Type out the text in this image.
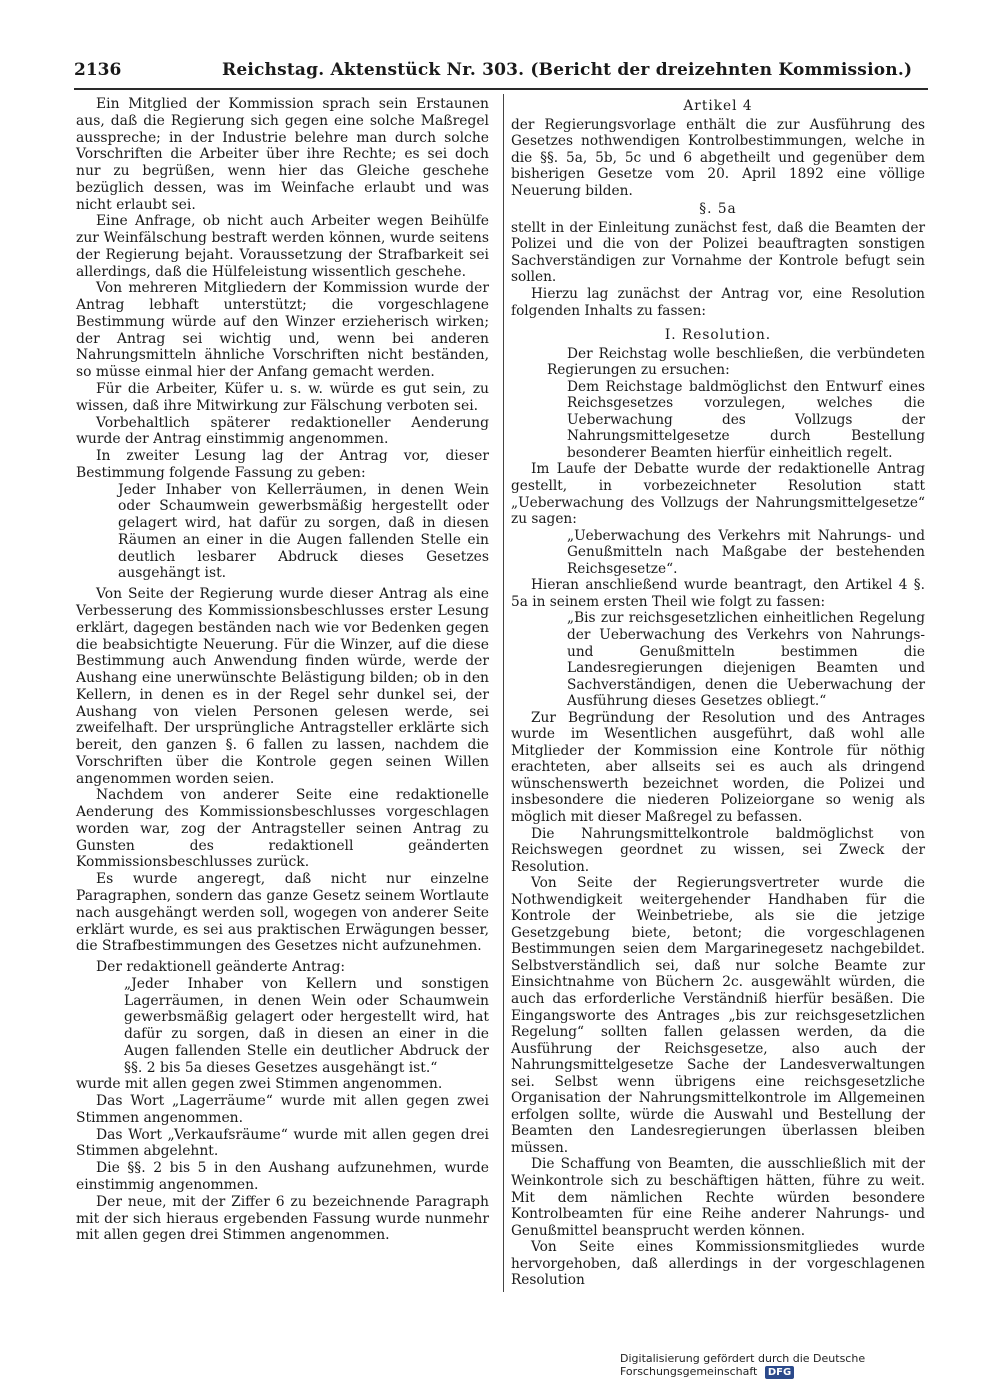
2136	Reichstag. Aktenstück Nr. 303. (Bericht der dreizehnten Kommission.)

Ein Mitglied der Kommission sprach sein Erstaunen aus, daß die Regierung sich gegen eine solche Maßregel ausspreche; in der Industrie belehre man durch solche Vorschriften die Arbeiter über ihre Rechte; es sei doch nur zu begrüßen, wenn hier das Gleiche geschehe bezüglich dessen, was im Weinfache erlaubt und was nicht erlaubt sei.

Eine Anfrage, ob nicht auch Arbeiter wegen Beihülfe zur Weinfälschung bestraft werden können, wurde seitens der Regierung bejaht. Voraussetzung der Strafbarkeit sei allerdings, daß die Hülfeleistung wissentlich geschehe.

Von mehreren Mitgliedern der Kommission wurde der Antrag lebhaft unterstützt; die vorgeschlagene Bestimmung würde auf den Winzer erzieherisch wirken; der Antrag sei wichtig und, wenn bei anderen Nahrungsmitteln ähnliche Vorschriften nicht beständen, so müsse einmal hier der Anfang gemacht werden.

Für die Arbeiter, Küfer u. s. w. würde es gut sein, zu wissen, daß ihre Mitwirkung zur Fälschung verboten sei.

Vorbehaltlich späterer redaktioneller Aenderung wurde der Antrag einstimmig angenommen.

In zweiter Lesung lag der Antrag vor, dieser Bestimmung folgende Fassung zu geben:

Jeder Inhaber von Kellerräumen, in denen Wein oder Schaumwein gewerbsmäßig hergestellt oder gelagert wird, hat dafür zu sorgen, daß in diesen Räumen an einer in die Augen fallenden Stelle ein deutlich lesbarer Abdruck dieses Gesetzes ausgehängt ist.

Von Seite der Regierung wurde dieser Antrag als eine Verbesserung des Kommissionsbeschlusses erster Lesung erklärt, dagegen beständen nach wie vor Bedenken gegen die beabsichtigte Neuerung. Für die Winzer, auf die diese Bestimmung auch Anwendung finden würde, werde der Aushang eine unerwünschte Belästigung bilden; ob in den Kellern, in denen es in der Regel sehr dunkel sei, der Aushang von vielen Personen gelesen werde, sei zweifelhaft. Der ursprüngliche Antragsteller erklärte sich bereit, den ganzen §. 6 fallen zu lassen, nachdem die Vorschriften über die Kontrole gegen seinen Willen angenommen worden seien.

Nachdem von anderer Seite eine redaktionelle Aenderung des Kommissionsbeschlusses vorgeschlagen worden war, zog der Antragsteller seinen Antrag zu Gunsten des redaktionell geänderten Kommissionsbeschlusses zurück.

Es wurde angeregt, daß nicht nur einzelne Paragraphen, sondern das ganze Gesetz seinem Wortlaute nach ausgehängt werden soll, wogegen von anderer Seite erklärt wurde, es sei aus praktischen Erwägungen besser, die Strafbestimmungen des Gesetzes nicht aufzunehmen.

Der redaktionell geänderte Antrag:

„Jeder Inhaber von Kellern und sonstigen Lagerräumen, in denen Wein oder Schaumwein gewerbsmäßig gelagert oder hergestellt wird, hat dafür zu sorgen, daß in diesen an einer in die Augen fallenden Stelle ein deutlicher Abdruck der §§. 2 bis 5a dieses Gesetzes ausgehängt ist.“

wurde mit allen gegen zwei Stimmen angenommen.

Das Wort „Lagerräume“ wurde mit allen gegen zwei Stimmen angenommen.

Das Wort „Verkaufsräume“ wurde mit allen gegen drei Stimmen abgelehnt.

Die §§. 2 bis 5 in den Aushang aufzunehmen, wurde einstimmig angenommen.

Der neue, mit der Ziffer 6 zu bezeichnende Paragraph mit der sich hieraus ergebenden Fassung wurde nunmehr mit allen gegen drei Stimmen angenommen.

Artikel 4

der Regierungsvorlage enthält die zur Ausführung des Gesetzes nothwendigen Kontrolbestimmungen, welche in die §§. 5a, 5b, 5c und 6 abgetheilt und gegenüber dem bisherigen Gesetze vom 20. April 1892 eine völlige Neuerung bilden.

§. 5a

stellt in der Einleitung zunächst fest, daß die Beamten der Polizei und die von der Polizei beauftragten sonstigen Sachverständigen zur Vornahme der Kontrole befugt sein sollen.

Hierzu lag zunächst der Antrag vor, eine Resolution folgenden Inhalts zu fassen:

I. Resolution.

Der Reichstag wolle beschließen, die verbündeten Regierungen zu ersuchen:

Dem Reichstage baldmöglichst den Entwurf eines Reichsgesetzes vorzulegen, welches die Ueberwachung des Vollzugs der Nahrungsmittelgesetze durch Bestellung besonderer Beamten hierfür einheitlich regelt.

Im Laufe der Debatte wurde der redaktionelle Antrag gestellt, in vorbezeichneter Resolution statt „Ueberwachung des Vollzugs der Nahrungsmittelgesetze“ zu sagen:

„Ueberwachung des Verkehrs mit Nahrungs- und Genußmitteln nach Maßgabe der bestehenden Reichsgesetze“.

Hieran anschließend wurde beantragt, den Artikel 4 §. 5a in seinem ersten Theil wie folgt zu fassen:

„Bis zur reichsgesetzlichen einheitlichen Regelung der Ueberwachung des Verkehrs von Nahrungs- und Genußmitteln bestimmen die Landesregierungen diejenigen Beamten und Sachverständigen, denen die Ueberwachung der Ausführung dieses Gesetzes obliegt.“

Zur Begründung der Resolution und des Antrages wurde im Wesentlichen ausgeführt, daß wohl alle Mitglieder der Kommission eine Kontrole für nöthig erachteten, aber allseits sei es auch als dringend wünschenswerth bezeichnet worden, die Polizei und insbesondere die niederen Polizeiorgane so wenig als möglich mit dieser Maßregel zu befassen.

Die Nahrungsmittelkontrole baldmöglichst von Reichswegen geordnet zu wissen, sei Zweck der Resolution.

Von Seite der Regierungsvertreter wurde die Nothwendigkeit weitergehender Handhaben für die Kontrole der Weinbetriebe, als sie die jetzige Gesetzgebung biete, betont; die vorgeschlagenen Bestimmungen seien dem Margarinegesetz nachgebildet. Selbstverständlich sei, daß nur solche Beamte zur Einsichtnahme von Büchern 2c. ausgewählt würden, die auch das erforderliche Verständniß hierfür besäßen. Die Eingangsworte des Antrages „bis zur reichsgesetzlichen Regelung“ sollten fallen gelassen werden, da die Ausführung der Reichsgesetze, also auch der Nahrungsmittelgesetze Sache der Landesverwaltungen sei. Selbst wenn übrigens eine reichsgesetzliche Organisation der Nahrungsmittelkontrole im Allgemeinen erfolgen sollte, würde die Auswahl und Bestellung der Beamten den Landesregierungen überlassen bleiben müssen.

Die Schaffung von Beamten, die ausschließlich mit der Weinkontrole sich zu beschäftigen hätten, führe zu weit. Mit dem nämlichen Rechte würden besondere Kontrolbeamten für eine Reihe anderer Nahrungs- und Genußmittel beansprucht werden können.

Von Seite eines Kommissionsmitgliedes wurde hervorgehoben, daß allerdings in der vorgeschlagenen Resolution

Digitalisierung gefördert durch die Deutsche Forschungsgemeinschaft DFG
